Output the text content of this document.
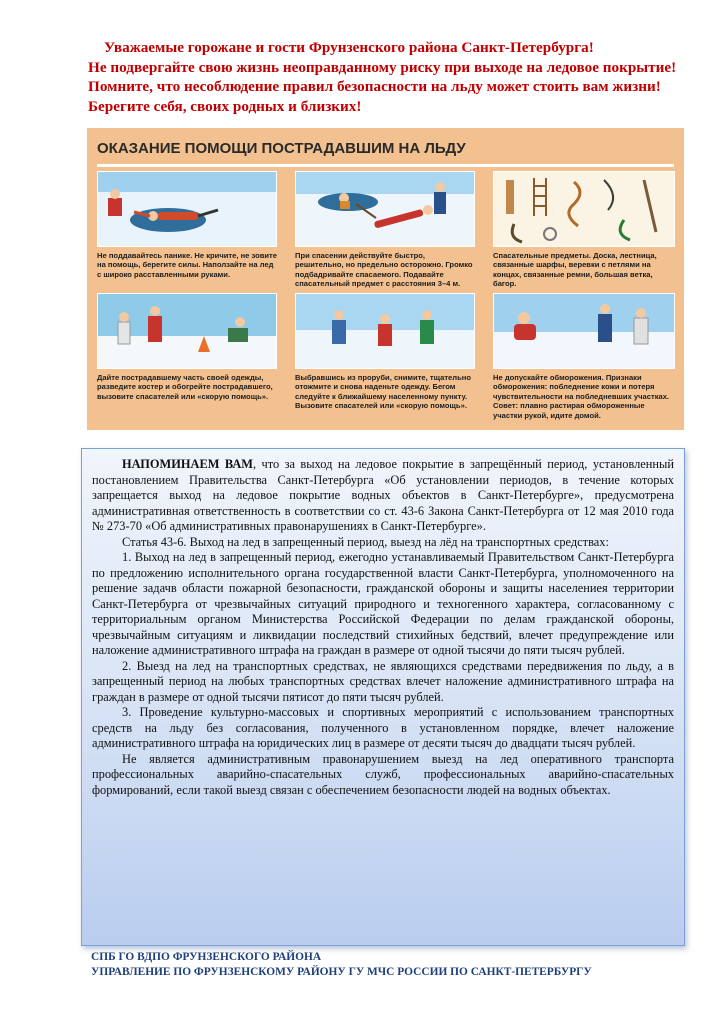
Уважаемые горожане и гости Фрунзенского района Санкт-Петербурга!
Не подвергайте свою жизнь неоправданному риску при выходе на ледовое покрытие! Помните, что несоблюдение правил безопасности на льду может стоить вам жизни! Берегите себя, своих родных и близких!
ОКАЗАНИЕ ПОМОЩИ ПОСТРАДАВШИМ НА ЛЬДУ
Не поддавайтесь панике. Не кричите, не зовите на помощь, берегите силы. Наползайте на лед с широко расставленными руками.
При спасении действуйте быстро, решительно, но предельно осторожно. Громко подбадривайте спасаемого. Подавайте спасательный предмет с расстояния 3–4 м.
Спасательные предметы. Доска, лестница, связанные шарфы, веревки с петлями на концах, связанные ремни, большая ветка, багор.
Дайте пострадавшему часть своей одежды, разведите костер и обогрейте пострадавшего, вызовите спасателей или «скорую помощь».
Выбравшись из проруби, снимите, тщательно отожмите и снова наденьте одежду. Бегом следуйте к ближайшему населенному пункту. Вызовите спасателей или «скорую помощь».
Не допускайте обморожения. Признаки обморожения: побледнение кожи и потеря чувствительности на побледневших участках. Совет: плавно растирая обмороженные участки рукой, идите домой.

НАПОМИНАЕМ ВАМ, что за выход на ледовое покрытие в запрещённый период, установленный постановлением Правительства Санкт-Петербурга «Об установлении периодов, в течение которых запрещается выход на ледовое покрытие водных объектов в Санкт-Петербурге», предусмотрена административная ответственность в соответствии со ст. 43-6 Закона Санкт-Петербурга от 12 мая 2010 года № 273-70 «Об административных правонарушениях в Санкт-Петербурге».

Статья 43-6. Выход на лед в запрещенный период, выезд на лёд на транспортных средствах:

1. Выход на лед в запрещенный период, ежегодно устанавливаемый Правительством Санкт-Петербурга по предложению исполнительного органа государственной власти Санкт-Петербурга, уполномоченного на решение задачв области пожарной безопасности, гражданской обороны и защиты населениея территории Санкт-Петербурга от чрезвычайных ситуаций природного и техногенного характера, согласованному с территориальным органом Министерства Российской Федерации по делам гражданской обороны, чрезвычайным ситуациям и ликвидации последствий стихийных бедствий, влечет предупреждение или наложение административного штрафа на граждан в размере от одной тысячи до пяти тысяч рублей.

2. Выезд на лед на транспортных средствах, не являющихся средствами передвижения по льду, а в запрещенный период на любых транспортных средствах влечет наложение административного штрафа на граждан в размере от одной тысячи пятисот до пяти тысяч рублей.

3. Проведение культурно-массовых и спортивных мероприятий с использованием транспортных средств на льду без согласования, полученного в установленном порядке, влечет наложение административного штрафа на юридических лиц в размере от десяти тысяч до двадцати тысяч рублей.

Не является административным правонарушением выезд на лед оперативного транспорта профессиональных аварийно-спасательных служб, профессиональных аварийно-спасательных формирований, если такой выезд связан с обеспечением безопасности людей на водных объектах.

СПБ ГО ВДПО ФРУНЗЕНСКОГО РАЙОНА
УПРАВЛЕНИЕ ПО ФРУНЗЕНСКОМУ РАЙОНУ ГУ МЧС РОССИИ ПО САНКТ-ПЕТЕРБУРГУ
